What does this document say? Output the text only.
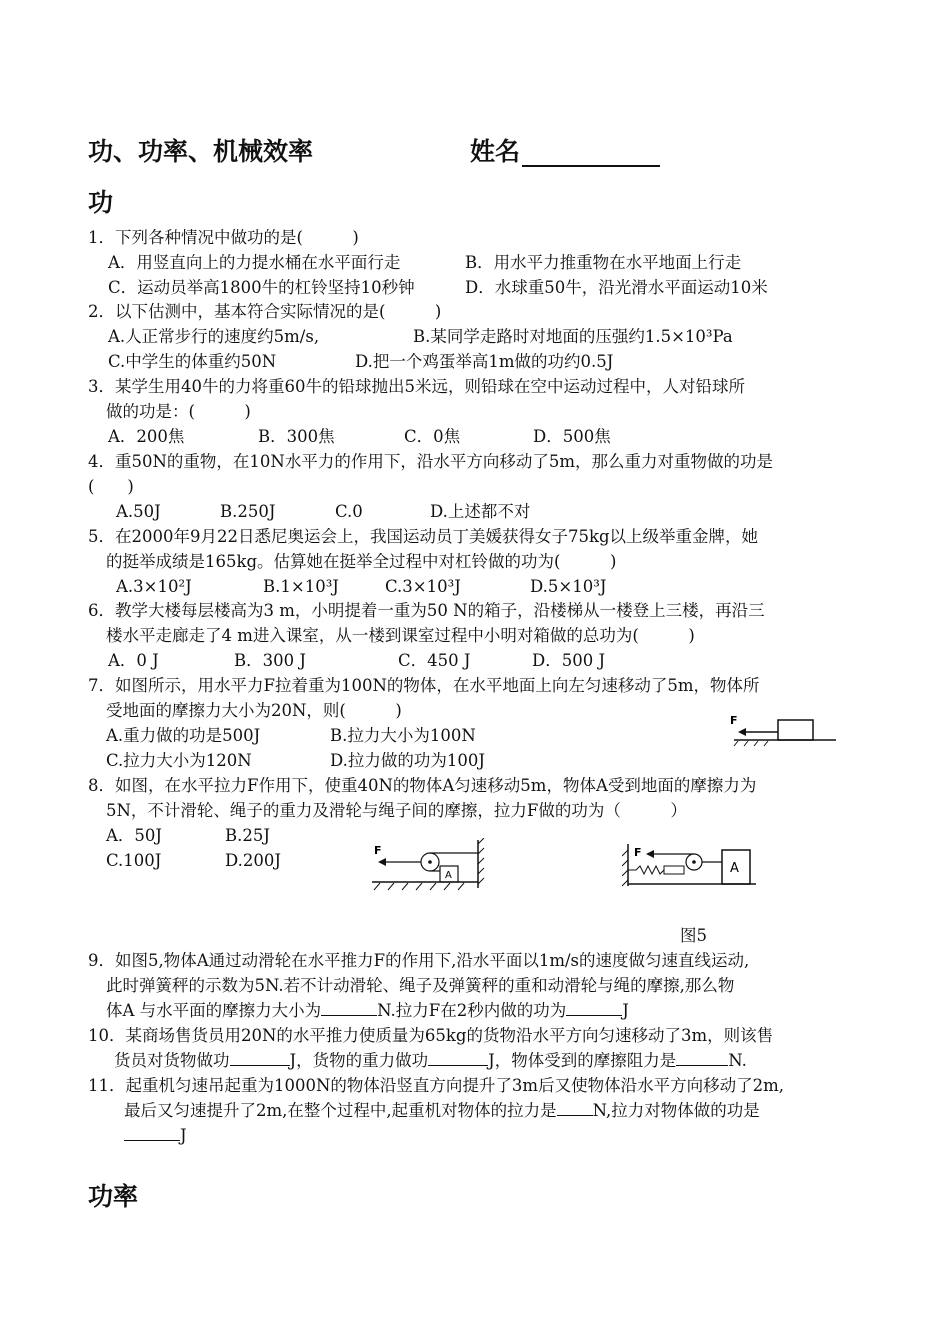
功、功率、机械效率	姓名
功
1．下列各种情况中做功的是(　　　)
A．用竖直向上的力提水桶在水平面行走	B．用水平力推重物在水平地面上行走
C．运动员举高1800牛的杠铃坚持10秒钟	D．水球重50牛，沿光滑水平面运动10米
2．以下估测中，基本符合实际情况的是(　　　)
A.人正常步行的速度约5m/s,	B.某同学走路时对地面的压强约1.5×10³Pa
C.中学生的体重约50N	D.把一个鸡蛋举高1m做的功约0.5J
3．某学生用40牛的力将重60牛的铅球抛出5米远，则铅球在空中运动过程中，人对铅球所
做的功是：(　　　)
A．200焦	B．300焦	C．0焦	D．500焦
4．重50N的重物，在10N水平力的作用下，沿水平方向移动了5m，那么重力对重物做的功是
(　　)
A.50J	B.250J	C.0	D.上述都不对
5．在2000年9月22日悉尼奥运会上，我国运动员丁美媛获得女子75kg以上级举重金牌，她
的挺举成绩是165kg。估算她在挺举全过程中对杠铃做的功为(　　　)
A.3×10²J	B.1×10³J	C.3×10³J	D.5×10³J
6．教学大楼每层楼高为3 m，小明提着一重为50 N的箱子，沿楼梯从一楼登上三楼，再沿三
楼水平走廊走了4 m进入课室，从一楼到课室过程中小明对箱做的总功为(　　　)
A．0 J	B．300 J	C．450 J	D．500 J
7．如图所示，用水平力F拉着重为100N的物体，在水平地面上向左匀速移动了5m，物体所
受地面的摩擦力大小为20N，则(　　　)
A.重力做的功是500J	B.拉力大小为100N
C.拉力大小为120N	D.拉力做的功为100J
F
8．如图，在水平拉力F作用下，使重40N的物体A匀速移动5m，物体A受到地面的摩擦力为
5N，不计滑轮、绳子的重力及滑轮与绳子间的摩擦，拉力F做的功为（　　　）
A．50J	B.25J
C.100J	D.200J
F
A
F
A
图5
9．如图5,物体A通过动滑轮在水平推力F的作用下,沿水平面以1m/s的速度做匀速直线运动,
此时弹簧秤的示数为5N.若不计动滑轮、绳子及弹簧秤的重和动滑轮与绳的摩擦,那么物
体A 与水平面的摩擦力大小为	N.拉力F在2秒内做的功为	J
10．某商场售货员用20N的水平推力使质量为65kg的货物沿水平方向匀速移动了3m，则该售
货员对货物做功	J，货物的重力做功	J，物体受到的摩擦阻力是	N.
11．起重机匀速吊起重为1000N的物体沿竖直方向提升了3m后又使物体沿水平方向移动了2m,
最后又匀速提升了2m,在整个过程中,起重机对物体的拉力是 N,拉力对物体做的功是
J
功率
